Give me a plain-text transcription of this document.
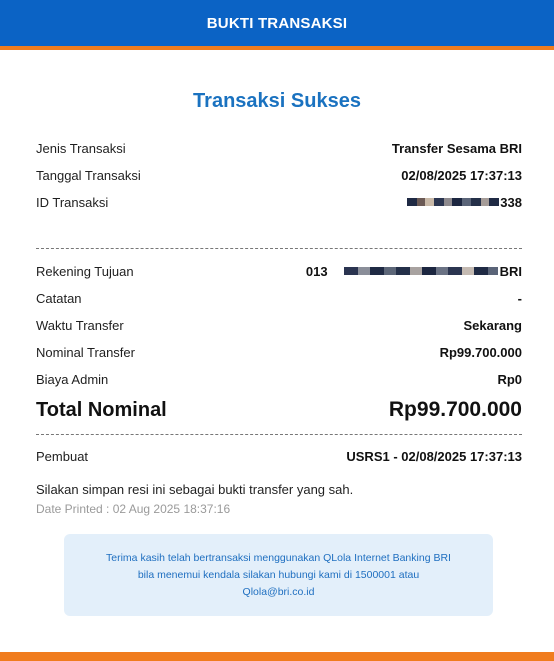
BUKTI TRANSAKSI
Transaksi Sukses
Jenis Transaksi	Transfer Sesama BRI
Tanggal Transaksi	02/08/2025 17:37:13
ID Transaksi	338
Rekening Tujuan	013	BRI
Catatan	-
Waktu Transfer	Sekarang
Nominal Transfer	Rp99.700.000
Biaya Admin	Rp0
Total Nominal	Rp99.700.000
Pembuat	USRS1 - 02/08/2025 17:37:13
Silakan simpan resi ini sebagai bukti transfer yang sah.
Date Printed : 02 Aug 2025 18:37:16
Terima kasih telah bertransaksi menggunakan QLola Internet Banking BRI
bila menemui kendala silakan hubungi kami di 1500001 atau
Qlola@bri.co.id
